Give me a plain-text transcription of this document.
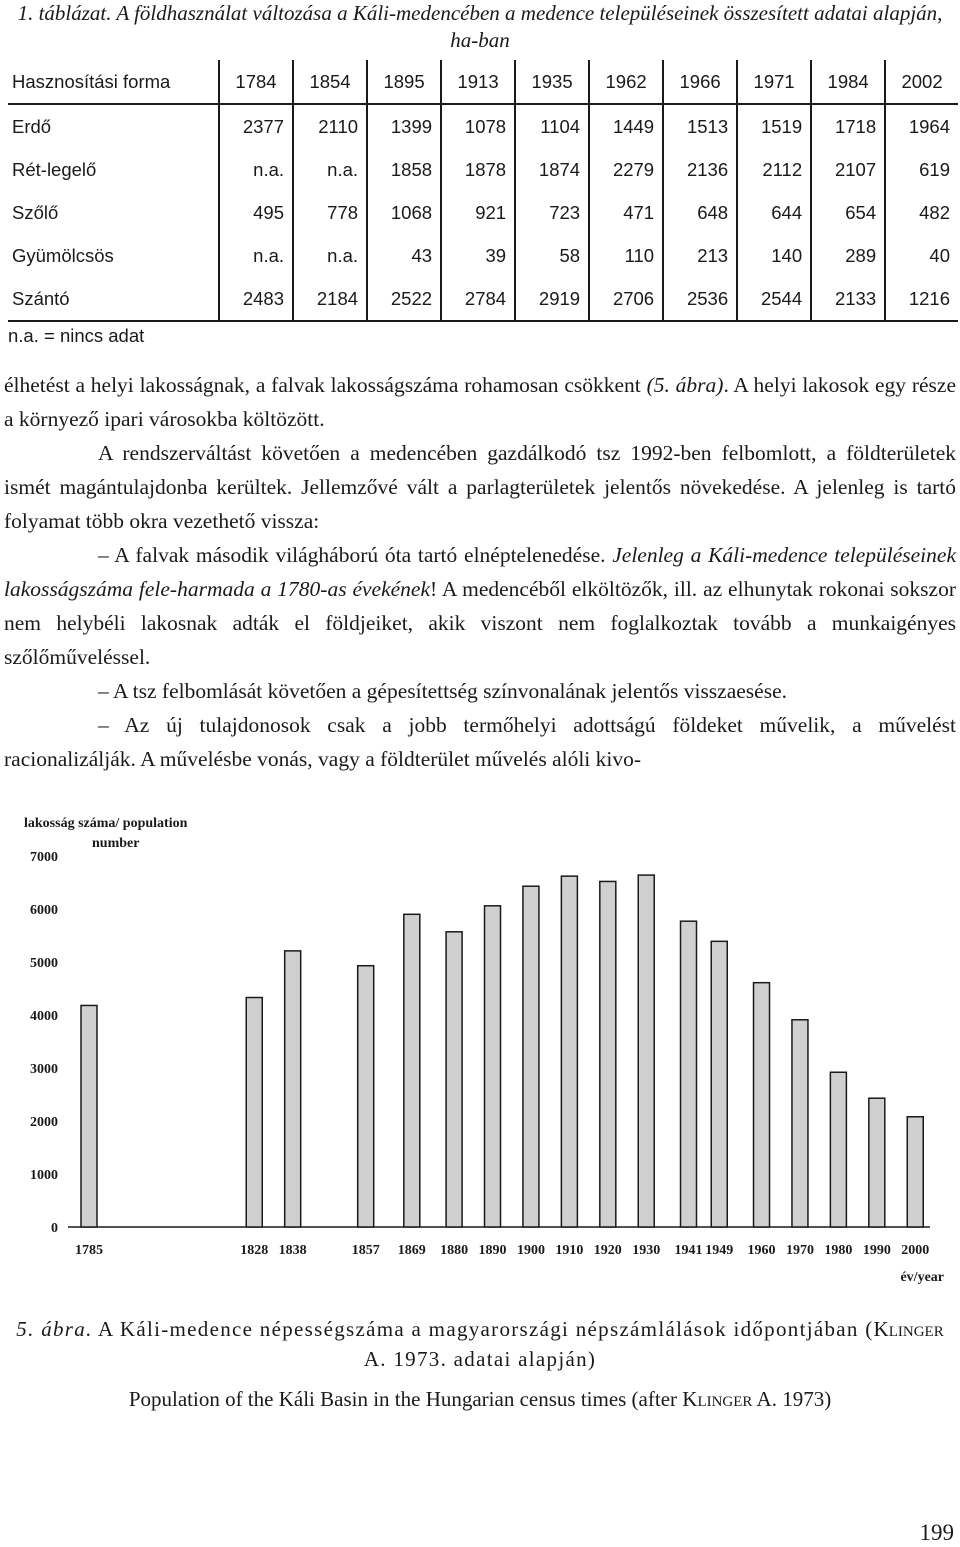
1. táblázat. A földhasználat változása a Káli-medencében a medence településeinek összesített adatai alapján, ha-ban
Hasznosítási forma	1784	1854	1895	1913	1935	1962	1966	1971	1984	2002
Erdő	2377	2110	1399	1078	1104	1449	1513	1519	1718	1964
Rét-legelő	n.a.	n.a.	1858	1878	1874	2279	2136	2112	2107	619
Szőlő	495	778	1068	921	723	471	648	644	654	482
Gyümölcsös	n.a.	n.a.	43	39	58	110	213	140	289	40
Szántó	2483	2184	2522	2784	2919	2706	2536	2544	2133	1216
n.a. = nincs adat

élhetést a helyi lakosságnak, a falvak lakosságszáma rohamosan csökkent (5. ábra). A helyi lakosok egy része a környező ipari városokba költözött.

A rendszerváltást követően a medencében gazdálkodó tsz 1992-ben felbomlott, a földterületek ismét magántulajdonba kerültek. Jellemzővé vált a parlagterületek jelentős növekedése. A jelenleg is tartó folyamat több okra vezethető vissza:

– A falvak második világháború óta tartó elnéptelenedése. Jelenleg a Káli-medence településeinek lakosságszáma fele-harmada a 1780-as évekének! A medencéből elköltözők, ill. az elhunytak rokonai sokszor nem helybéli lakosnak adták el földjeiket, akik viszont nem foglalkoztak tovább a munkaigényes szőlőműveléssel.

– A tsz felbomlását követően a gépesítettség színvonalának jelentős visszaesése.

– Az új tulajdonosok csak a jobb termőhelyi adottságú földeket művelik, a művelést racionalizálják. A művelésbe vonás, vagy a földterület művelés alóli kivo-

lakosság száma/ population
number
0
1000
2000
3000
4000
5000
6000
7000
1785	1828 1838	1857 1869 1880 1890 1900 1910 1920 1930 1941 1949 1960 1970 1980 1990 2000
év/year
5. ábra. A Káli-medence népességszáma a magyarországi népszámlálások időpontjában (Klinger A. 1973. adatai alapján)
Population of the Káli Basin in the Hungarian census times (after Klinger A. 1973)
199
